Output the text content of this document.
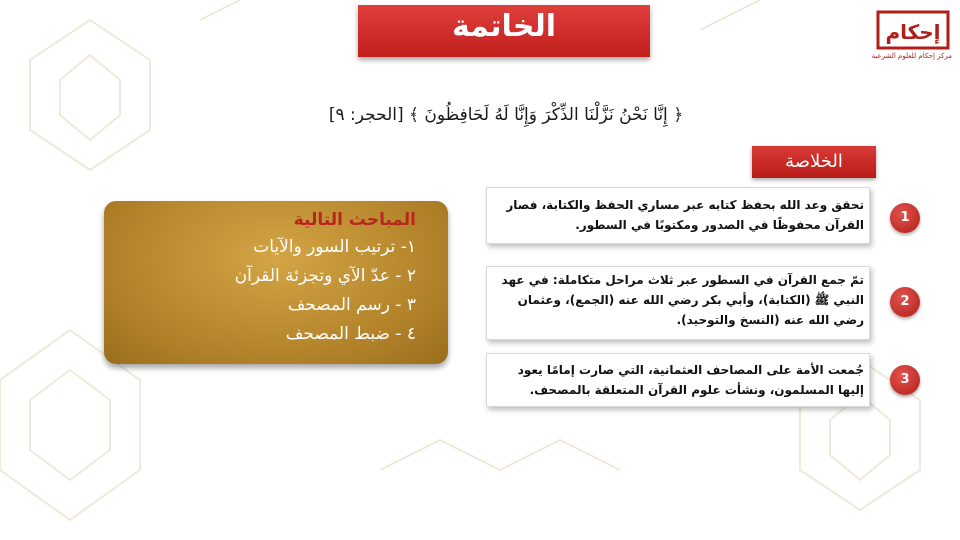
الخاتمة	إحكام
مركز إحكام للعلوم الشرعية
﴿ إِنَّا نَحْنُ نَزَّلْنَا الذِّكْرَ وَإِنَّا لَهُ لَحَافِظُونَ ﴾ [الحجر: ٩]
الخلاصة
المباحث التالية
١- ترتيب السور والآيات
٢ - عدّ الآي وتجزئة القرآن
٣ - رسم المصحف
٤ - ضبط المصحف
تحقق وعد الله بحفظ كتابه عبر مساري الحفظ والكتابة، فصار القرآن محفوظًا في الصدور ومكتوبًا في السطور.	1
تمّ جمع القرآن في السطور عبر ثلاث مراحل متكاملة: في عهد النبي ﷺ (الكتابة)، وأبي بكر رضي الله عنه (الجمع)، وعثمان رضي الله عنه (النسخ والتوحيد).
2
جُمعت الأمة على المصاحف العثمانية، التي صارت إمامًا يعود إليها المسلمون، ونشأت علوم القرآن المتعلقة بالمصحف.
3
